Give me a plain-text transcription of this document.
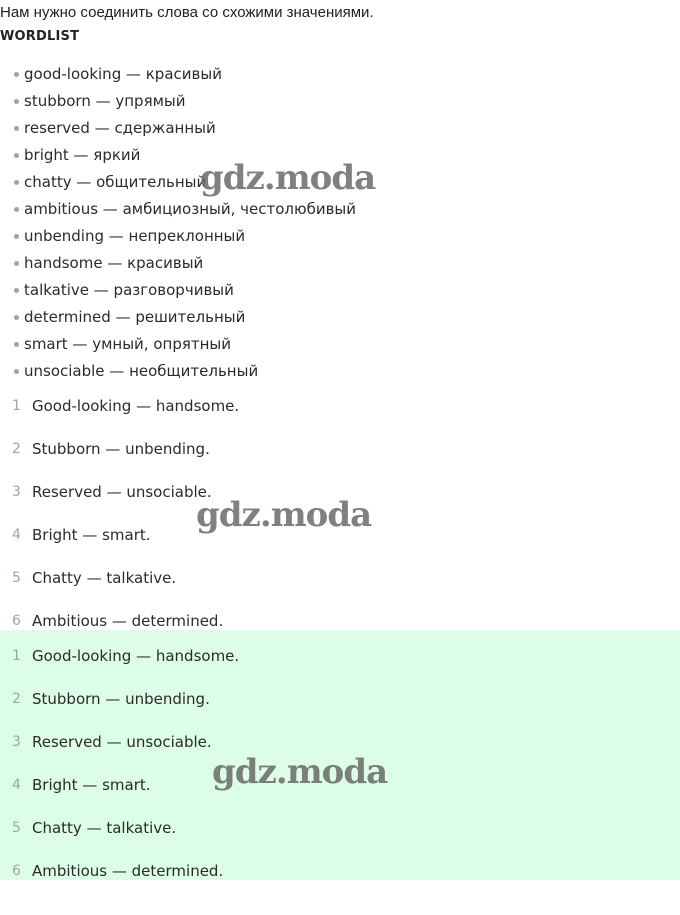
Нам нужно соединить слова со схожими значениями.
WORDLIST
good-looking — красивый
stubborn — упрямый
reserved — сдержанный
bright — яркий
chatty — общительный
ambitious — амбициозный, честолюбивый
unbending — непреклонный
handsome — красивый
talkative — разговорчивый
determined — решительный
smart — умный, опрятный
unsociable — необщительный
1 Good-looking — handsome.
2 Stubborn — unbending.
3 Reserved — unsociable.
4 Bright — smart.
5 Chatty — talkative.
6 Ambitious — determined.
1 Good-looking — handsome.
2 Stubborn — unbending.
3 Reserved — unsociable.
4 Bright — smart.
5 Chatty — talkative.
6 Ambitious — determined.
gdz.moda
gdz.moda
gdz.moda
